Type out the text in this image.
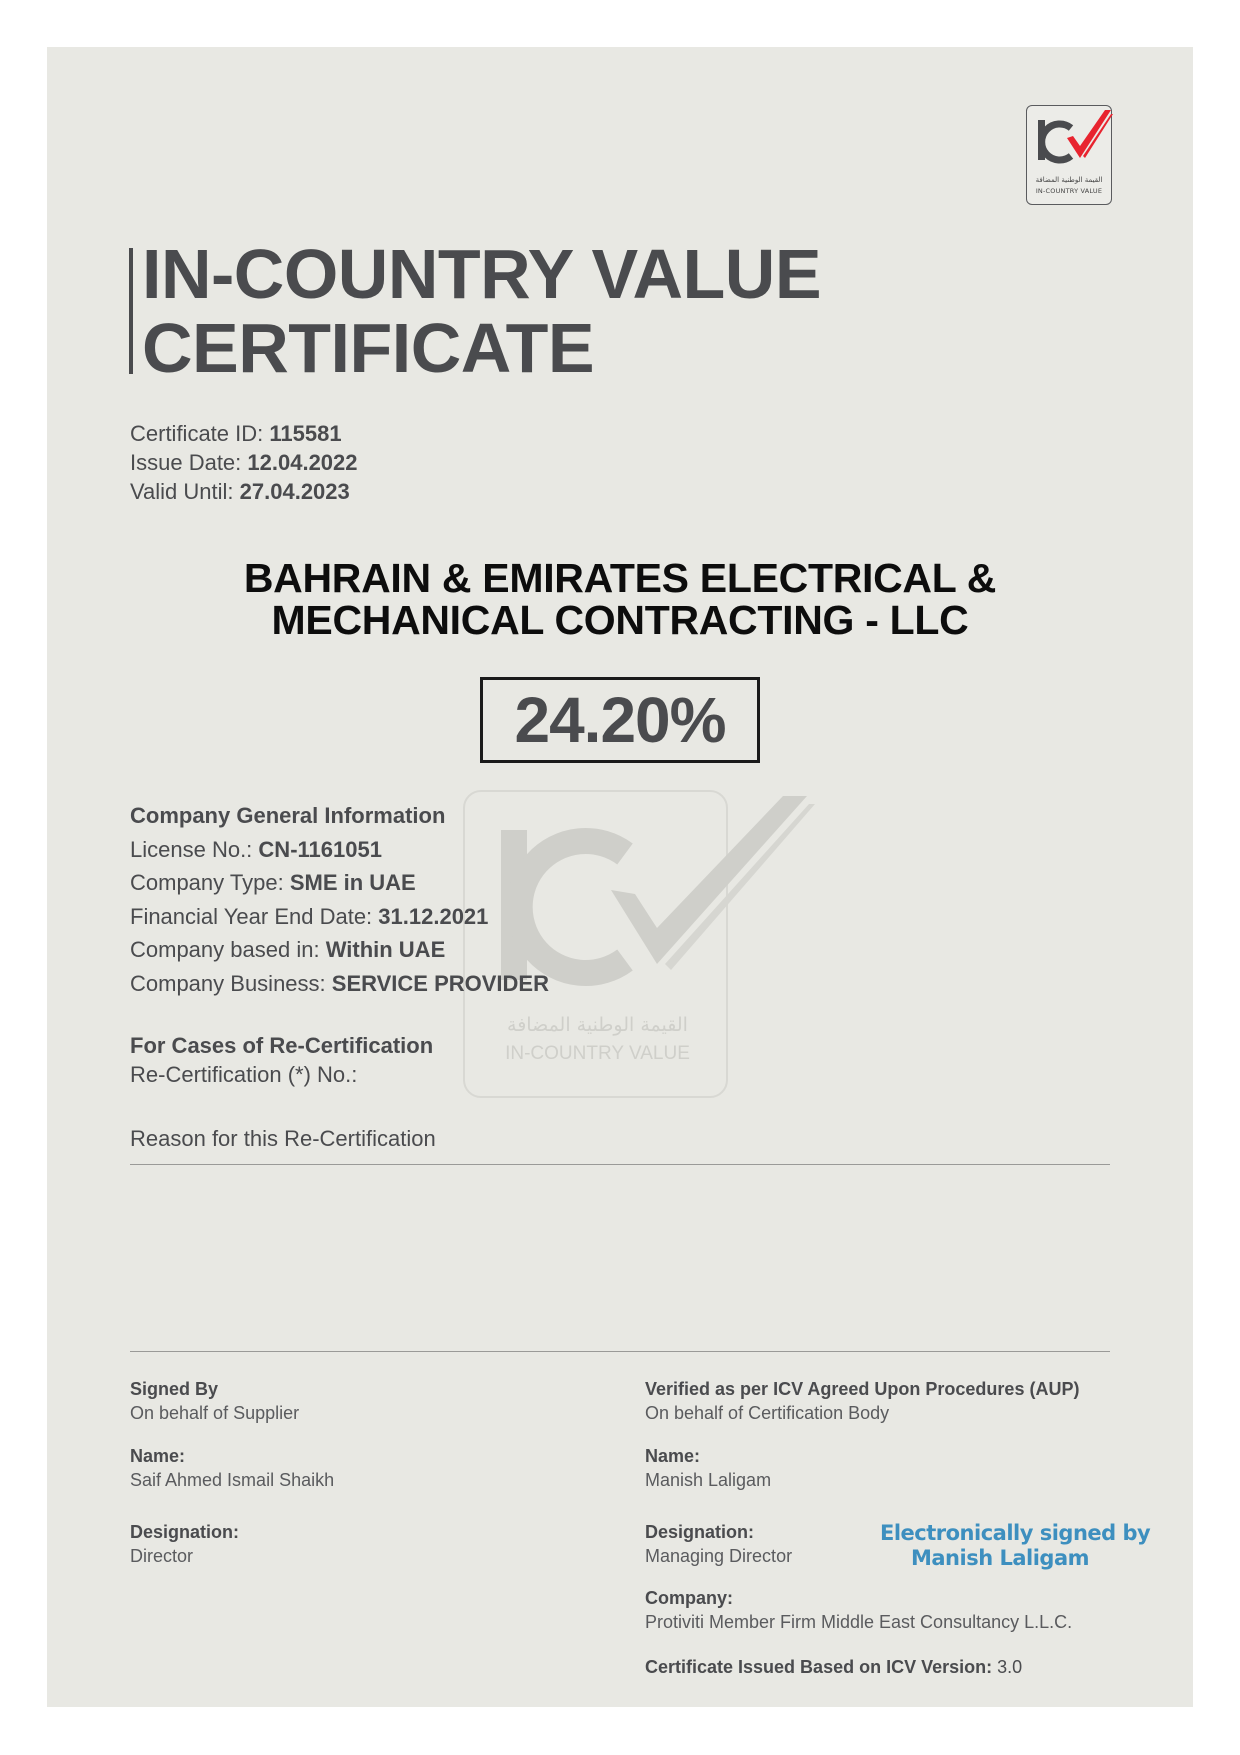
القيمة الوطنية المضافة
IN-COUNTRY VALUE
IN-COUNTRY VALUE
CERTIFICATE
Certificate ID: 115581
Issue Date: 12.04.2022
Valid Until: 27.04.2023
BAHRAIN & EMIRATES ELECTRICAL &
MECHANICAL CONTRACTING - LLC
24.20%
القيمة الوطنية المضافة
IN-COUNTRY VALUE
Company General Information
License No.: CN-1161051
Company Type: SME in UAE
Financial Year End Date: 31.12.2021
Company based in: Within UAE
Company Business: SERVICE PROVIDER
For Cases of Re-Certification
Re-Certification (*) No.:
Reason for this Re-Certification
Signed By
On behalf of Supplier
Name:
Saif Ahmed Ismail Shaikh
Designation:
Director
Verified as per ICV Agreed Upon Procedures (AUP)
On behalf of Certification Body
Name:
Manish Laligam
Designation:
Managing Director
Company:
Protiviti Member Firm Middle East Consultancy L.L.C.
Certificate Issued Based on ICV Version: 3.0
Electronically signed by
Manish Laligam
